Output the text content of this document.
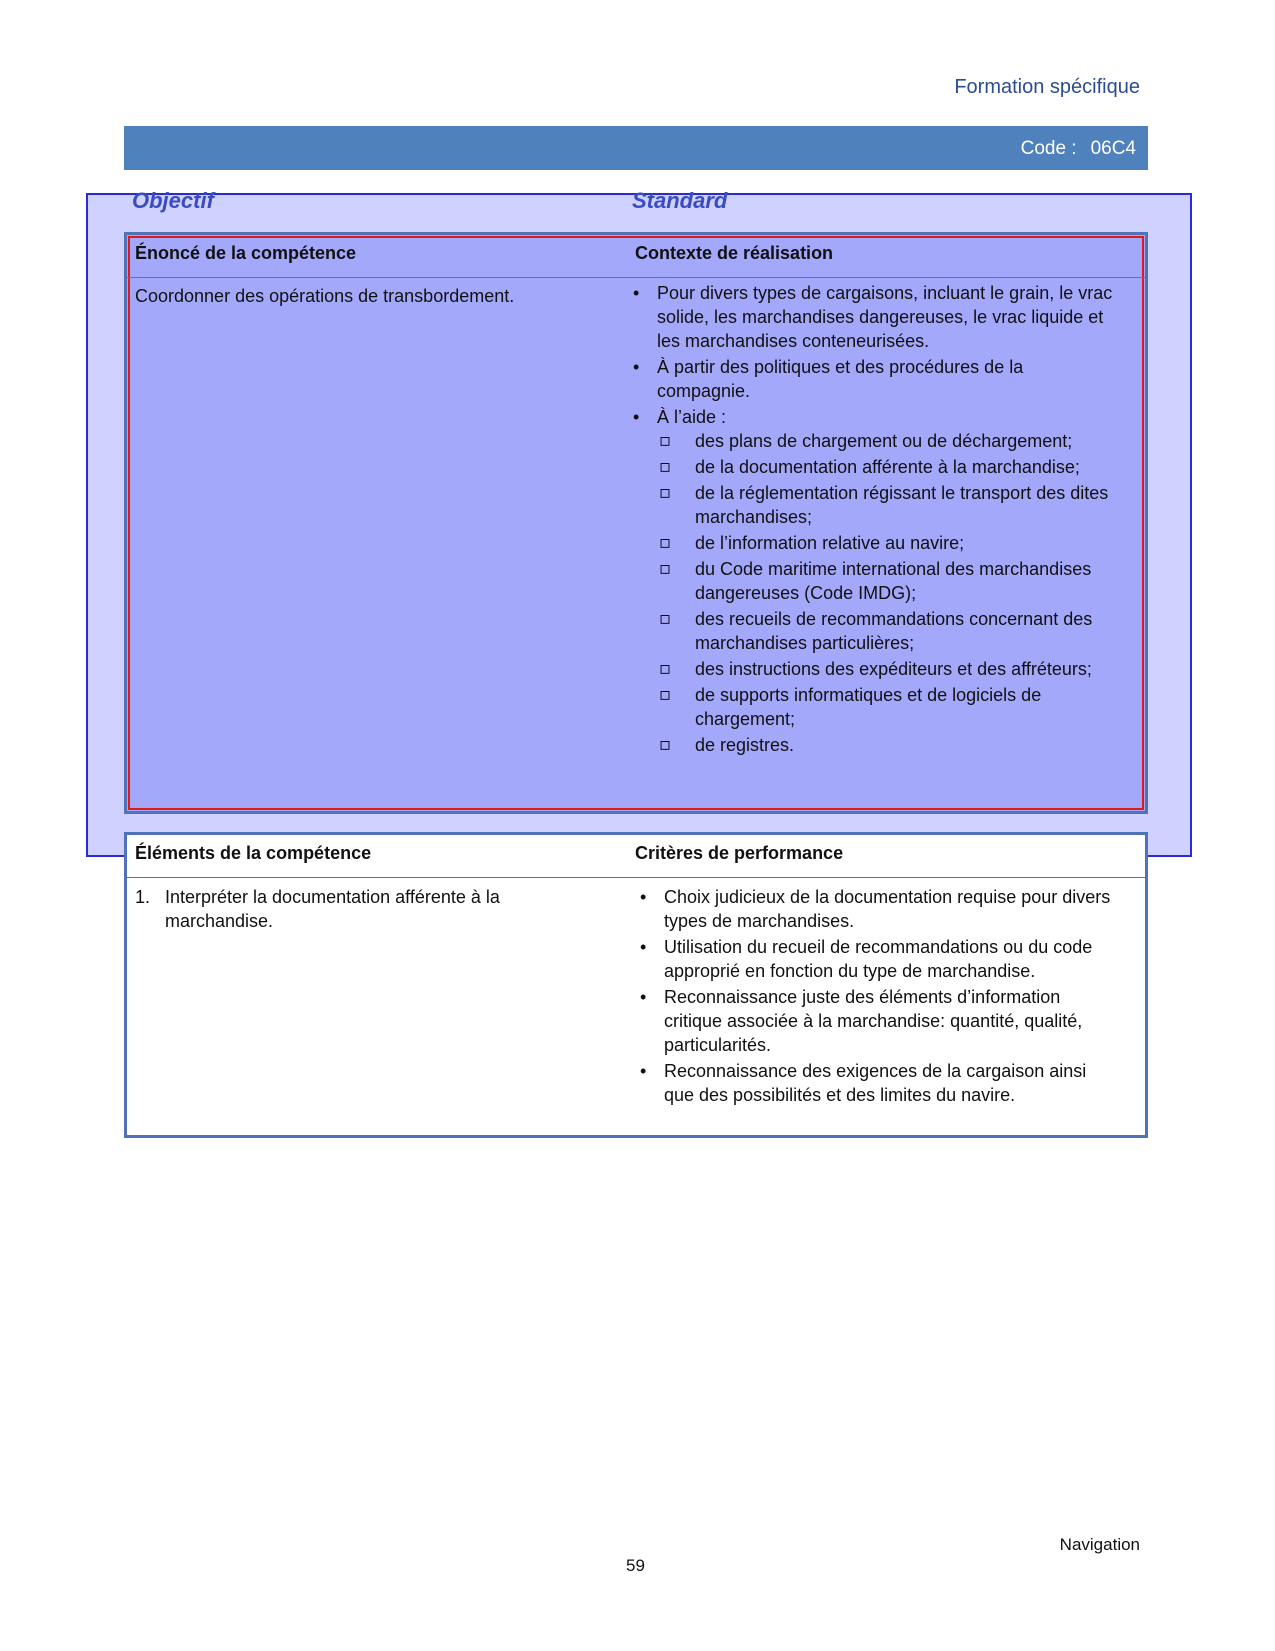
Formation spécifique
Code : 06C4
Objectif	Standard
Énoncé de la compétence	Contexte de réalisation
Coordonner des opérations de transbordement.	• Pour divers types de cargaisons, incluant le grain, le vrac solide, les marchandises dangereuses, le vrac liquide et les marchandises conteneurisées.
• À partir des politiques et des procédures de la compagnie.
• À l’aide :
▫ des plans de chargement ou de déchargement;
▫ de la documentation afférente à la marchandise;
▫ de la réglementation régissant le transport des dites marchandises;
▫ de l’information relative au navire;
▫ du Code maritime international des marchandises dangereuses (Code IMDG);
▫ des recueils de recommandations concernant des marchandises particulières;
▫ des instructions des expéditeurs et des affréteurs;
▫ de supports informatiques et de logiciels de chargement;
▫ de registres.
Éléments de la compétence	Critères de performance
1. Interpréter la documentation afférente à la marchandise.
• Choix judicieux de la documentation requise pour divers types de marchandises.
• Utilisation du recueil de recommandations ou du code approprié en fonction du type de marchandise.
• Reconnaissance juste des éléments d’information critique associée à la marchandise: quantité, qualité, particularités.
• Reconnaissance des exigences de la cargaison ainsi que des possibilités et des limites du navire.
Navigation
59
